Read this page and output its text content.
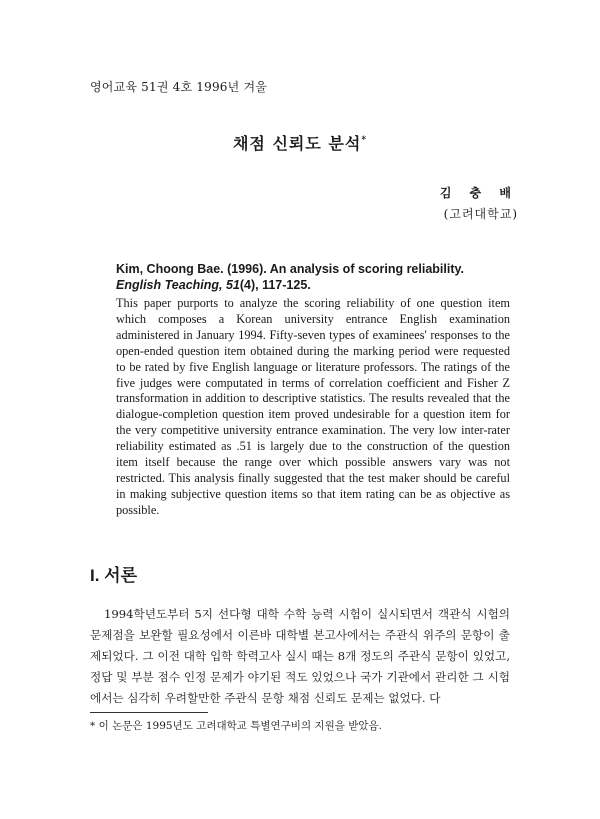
영어교육 51권 4호 1996년 겨울
채점 신뢰도 분석*
김 충 배
(고려대학교)
Kim, Choong Bae. (1996). An analysis of scoring reliability.
English Teaching, 51(4), 117-125.
This paper purports to analyze the scoring reliability of one question item which composes a Korean university entrance English examination administered in January 1994. Fifty-seven types of examinees' responses to the open-ended question item obtained during the marking period were requested to be rated by five English language or literature professors. The ratings of the five judges were computated in terms of correlation coefficient and Fisher Z transformation in addition to descriptive statistics. The results revealed that the dialogue-completion question item proved undesirable for a question item for the very competitive university entrance examination. The very low inter-rater reliability estimated as .51 is largely due to the construction of the question item itself because the range over which possible answers vary was not restricted. This analysis finally suggested that the test maker should be careful in making subjective question items so that item rating can be as objective as possible.
I. 서론
1994학년도부터 5지 선다형 대학 수학 능력 시험이 실시되면서 객관식 시험의 문제점을 보완할 필요성에서 이른바 대학별 본고사에서는 주관식 위주의 문항이 출제되었다. 그 이전 대학 입학 학력고사 실시 때는 8개 정도의 주관식 문항이 있었고, 정답 및 부분 점수 인정 문제가 야기된 적도 있었으나 국가 기관에서 관리한 그 시험에서는 심각히 우려할만한 주관식 문항 채점 신뢰도 문제는 없었다. 다
* 이 논문은 1995년도 고려대학교 특별연구비의 지원을 받았음.
